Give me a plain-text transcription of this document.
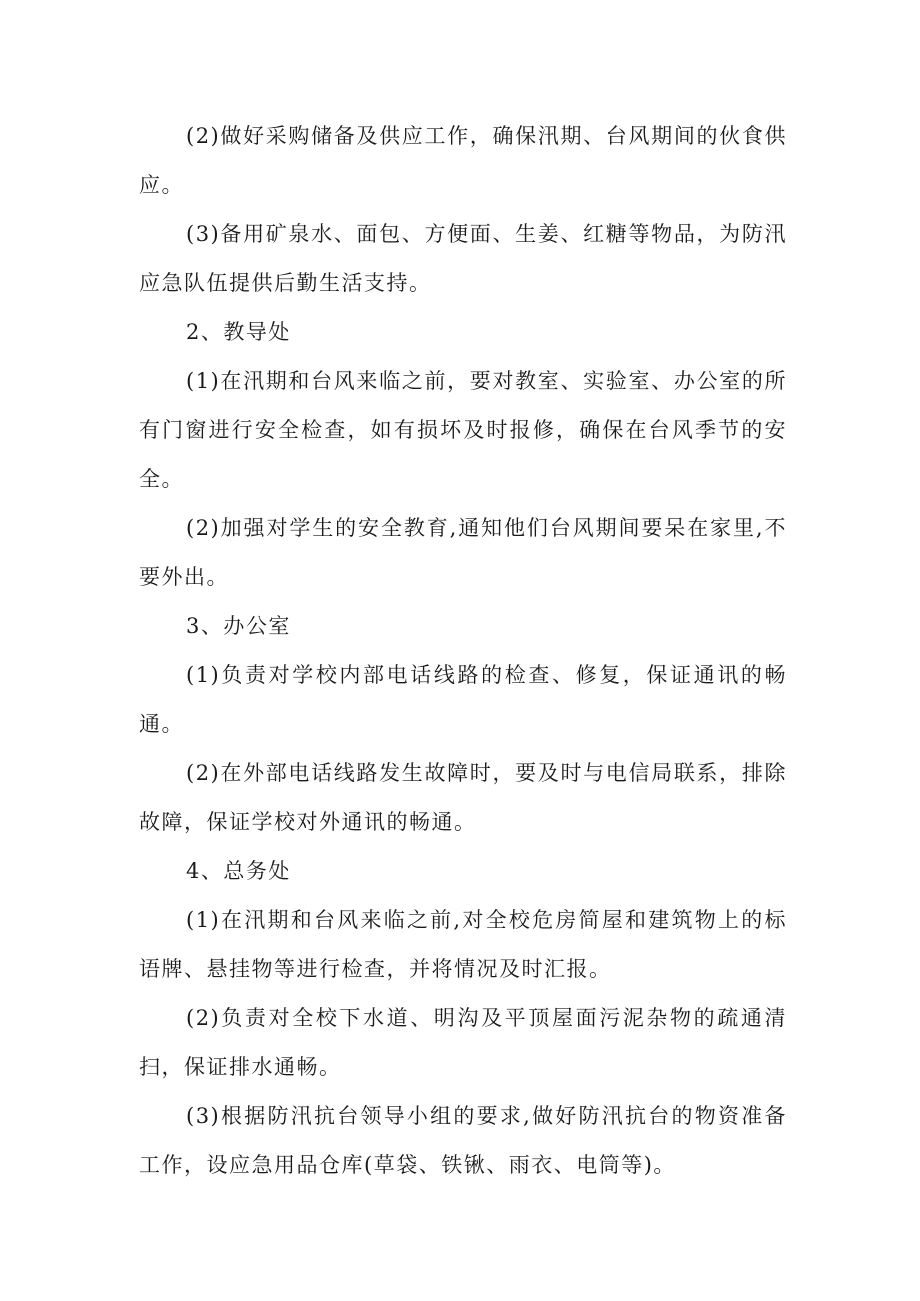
(2)做好采购储备及供应工作，确保汛期、台风期间的伙食供应。

(3)备用矿泉水、面包、方便面、生姜、红糖等物品，为防汛应急队伍提供后勤生活支持。

2、教导处

(1)在汛期和台风来临之前，要对教室、实验室、办公室的所有门窗进行安全检查，如有损坏及时报修，确保在台风季节的安全。

(2)加强对学生的安全教育,通知他们台风期间要呆在家里,不要外出。

3、办公室

(1)负责对学校内部电话线路的检查、修复，保证通讯的畅通。

(2)在外部电话线路发生故障时，要及时与电信局联系，排除故障，保证学校对外通讯的畅通。

4、总务处

(1)在汛期和台风来临之前,对全校危房简屋和建筑物上的标语牌、悬挂物等进行检查，并将情况及时汇报。

(2)负责对全校下水道、明沟及平顶屋面污泥杂物的疏通清扫，保证排水通畅。

(3)根据防汛抗台领导小组的要求,做好防汛抗台的物资准备工作，设应急用品仓库(草袋、铁锹、雨衣、电筒等)。
